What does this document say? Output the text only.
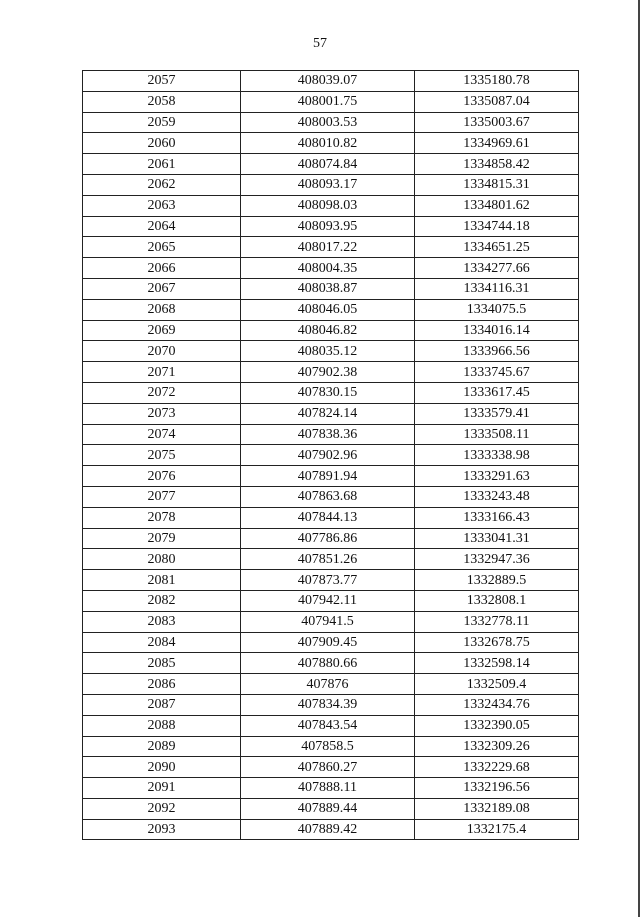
57
2057	408039.07	1335180.78
2058	408001.75	1335087.04
2059	408003.53	1335003.67
2060	408010.82	1334969.61
2061	408074.84	1334858.42
2062	408093.17	1334815.31
2063	408098.03	1334801.62
2064	408093.95	1334744.18
2065	408017.22	1334651.25
2066	408004.35	1334277.66
2067	408038.87	1334116.31
2068	408046.05	1334075.5
2069	408046.82	1334016.14
2070	408035.12	1333966.56
2071	407902.38	1333745.67
2072	407830.15	1333617.45
2073	407824.14	1333579.41
2074	407838.36	1333508.11
2075	407902.96	1333338.98
2076	407891.94	1333291.63
2077	407863.68	1333243.48
2078	407844.13	1333166.43
2079	407786.86	1333041.31
2080	407851.26	1332947.36
2081	407873.77	1332889.5
2082	407942.11	1332808.1
2083	407941.5	1332778.11
2084	407909.45	1332678.75
2085	407880.66	1332598.14
2086	407876	1332509.4
2087	407834.39	1332434.76
2088	407843.54	1332390.05
2089	407858.5	1332309.26
2090	407860.27	1332229.68
2091	407888.11	1332196.56
2092	407889.44	1332189.08
2093	407889.42	1332175.4
